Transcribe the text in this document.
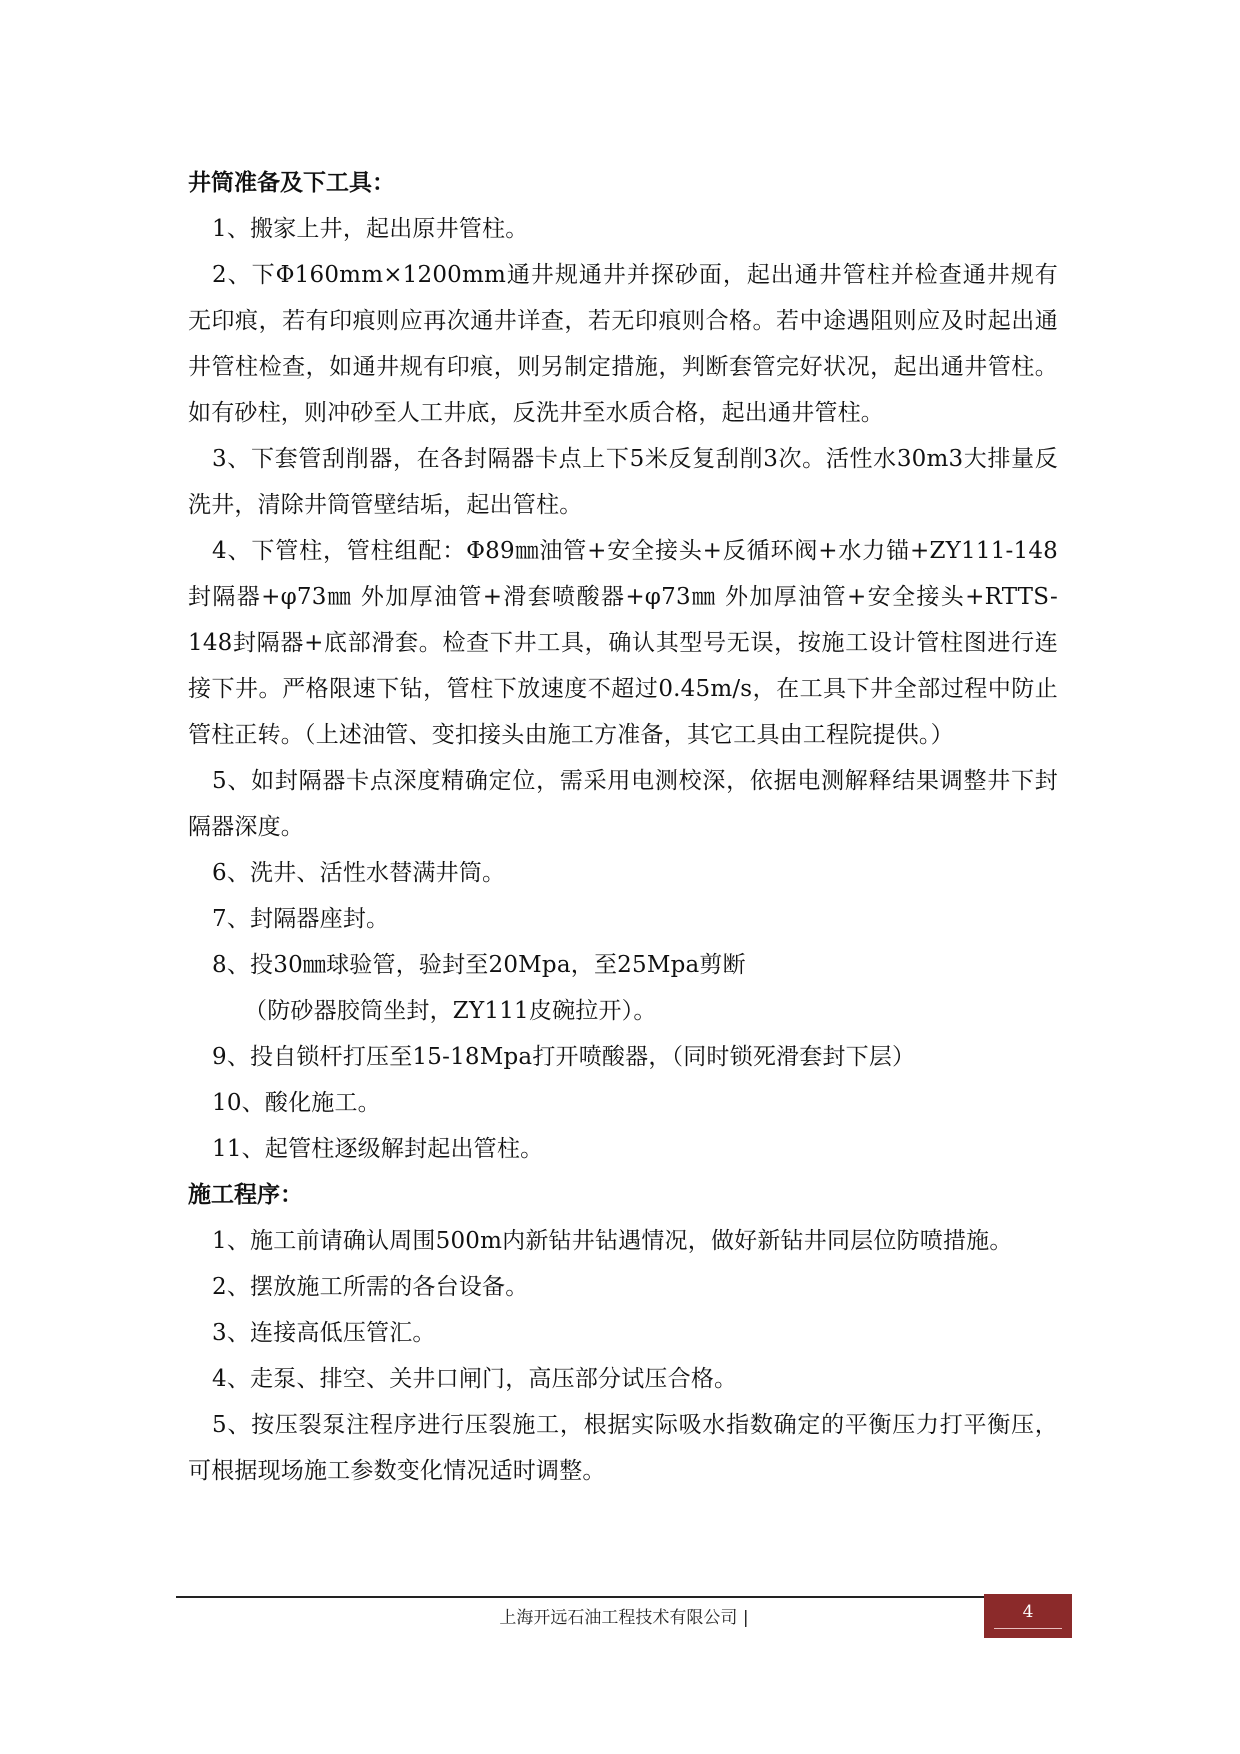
井筒准备及下工具：

1、搬家上井，起出原井管柱。

2、下Φ160mm×1200mm通井规通井并探砂面，起出通井管柱并检查通井规有无印痕，若有印痕则应再次通井详查，若无印痕则合格。若中途遇阻则应及时起出通井管柱检查，如通井规有印痕，则另制定措施，判断套管完好状况，起出通井管柱。如有砂柱，则冲砂至人工井底，反洗井至水质合格，起出通井管柱。

3、下套管刮削器，在各封隔器卡点上下5米反复刮削3次。活性水30m3大排量反洗井，清除井筒管壁结垢，起出管柱。

4、下管柱，管柱组配：Φ89㎜油管+安全接头+反循环阀+水力锚+ZY111-148封隔器+φ73㎜ 外加厚油管+滑套喷酸器+φ73㎜ 外加厚油管+安全接头+RTTS-148封隔器+底部滑套。检查下井工具，确认其型号无误，按施工设计管柱图进行连接下井。严格限速下钻，管柱下放速度不超过0.45m/s，在工具下井全部过程中防止管柱正转。（上述油管、变扣接头由施工方准备，其它工具由工程院提供。）

5、如封隔器卡点深度精确定位，需采用电测校深，依据电测解释结果调整井下封隔器深度。

6、洗井、活性水替满井筒。

7、封隔器座封。

8、投30㎜球验管，验封至20Mpa，至25Mpa剪断

（防砂器胶筒坐封，ZY111皮碗拉开）。

9、投自锁杆打压至15-18Mpa打开喷酸器，（同时锁死滑套封下层）

10、酸化施工。

11、起管柱逐级解封起出管柱。

施工程序：

1、施工前请确认周围500m内新钻井钻遇情况，做好新钻井同层位防喷措施。

2、摆放施工所需的各台设备。

3、连接高低压管汇。

4、走泵、排空、关井口闸门，高压部分试压合格。

5、按压裂泵注程序进行压裂施工，根据实际吸水指数确定的平衡压力打平衡压，可根据现场施工参数变化情况适时调整。

上海开远石油工程技术有限公司 |	4
